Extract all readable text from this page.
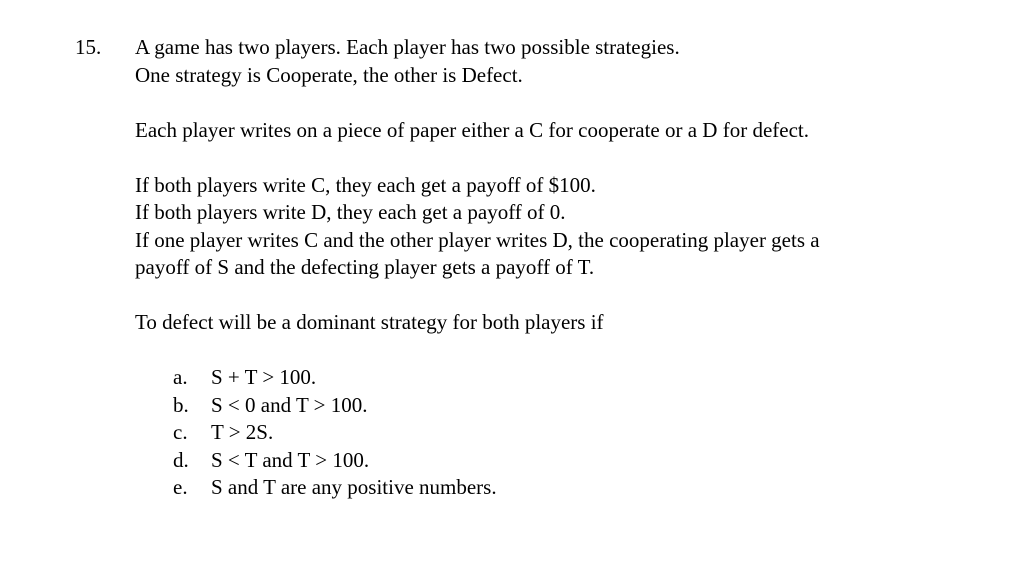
15. A game has two players. Each player has two possible strategies.
One strategy is Cooperate, the other is Defect.
Each player writes on a piece of paper either a C for cooperate or a D for defect.
If both players write C, they each get a payoff of $100.
If both players write D, they each get a payoff of 0.
If one player writes C and the other player writes D, the cooperating player gets a
payoff of S and the defecting player gets a payoff of T.
To defect will be a dominant strategy for both players if
a. S + T > 100.
b. S < 0 and T > 100.
c. T > 2S.
d. S < T and T > 100.
e. S and T are any positive numbers.
